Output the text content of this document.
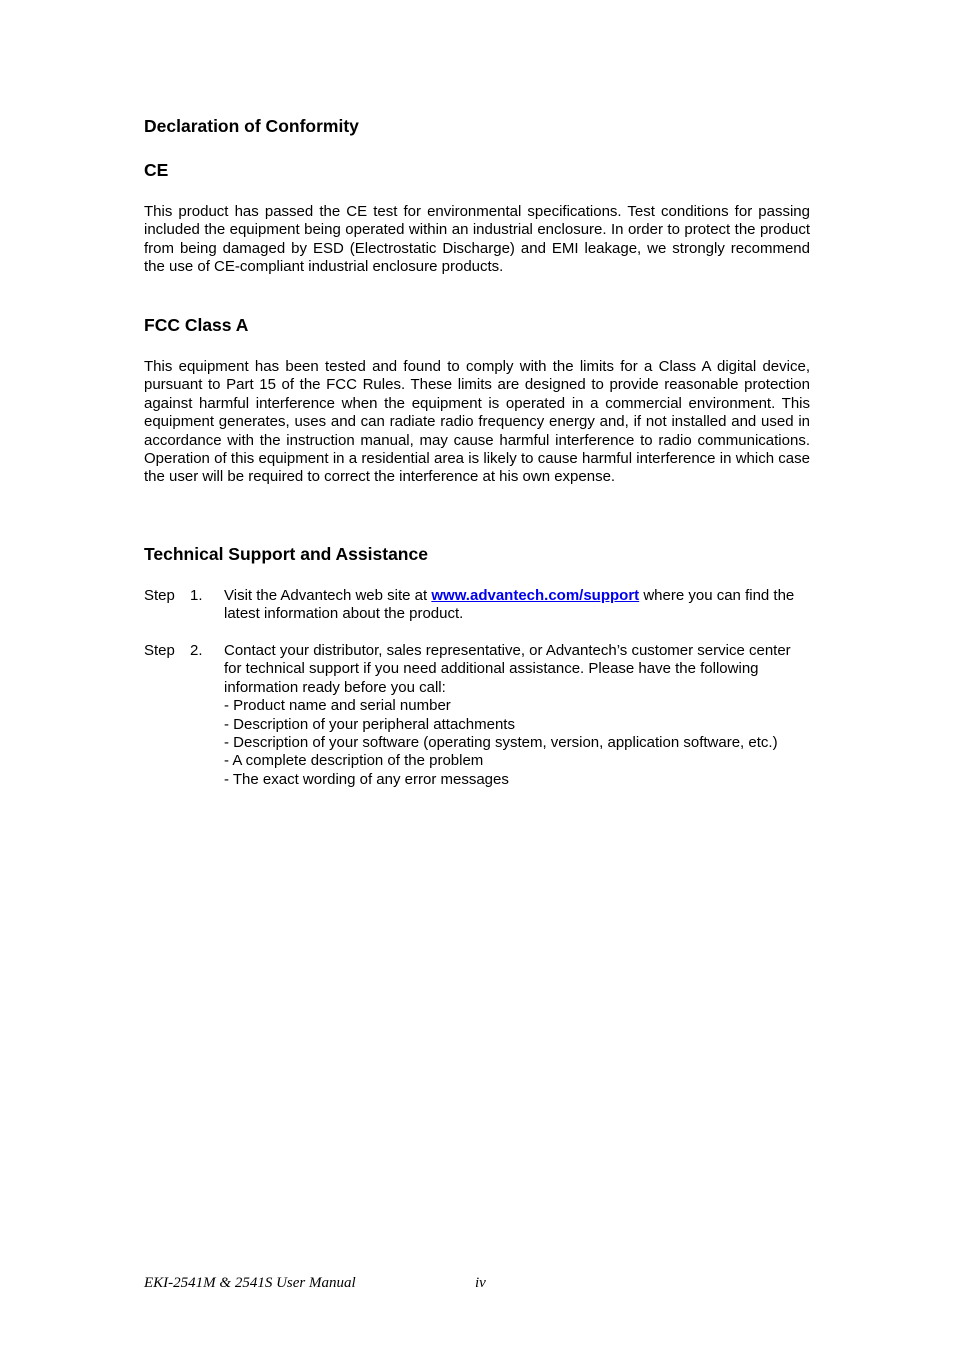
Declaration of Conformity
CE

This product has passed the CE test for environmental specifications. Test conditions for passing included the equipment being operated within an industrial enclosure. In order to protect the product from being damaged by ESD (Electrostatic Discharge) and EMI leakage, we strongly recommend the use of CE-compliant industrial enclosure products.

FCC Class A

This equipment has been tested and found to comply with the limits for a Class A digital device, pursuant to Part 15 of the FCC Rules. These limits are designed to provide reasonable protection against harmful interference when the equipment is operated in a commercial environment. This equipment generates, uses and can radiate radio frequency energy and, if not installed and used in accordance with the instruction manual, may cause harmful interference to radio communications. Operation of this equipment in a residential area is likely to cause harmful interference in which case the user will be required to correct the interference at his own expense.

Technical Support and Assistance
Step 1. Visit the Advantech web site at www.advantech.com/support where you can find the latest information about the product.
Step 2. Contact your distributor, sales representative, or Advantech’s customer service center for technical support if you need additional assistance. Please have the following information ready before you call:
- Product name and serial number
- Description of your peripheral attachments
- Description of your software (operating system, version, application software, etc.)
- A complete description of the problem
- The exact wording of any error messages
EKI-2541M & 2541S User Manual	iv
